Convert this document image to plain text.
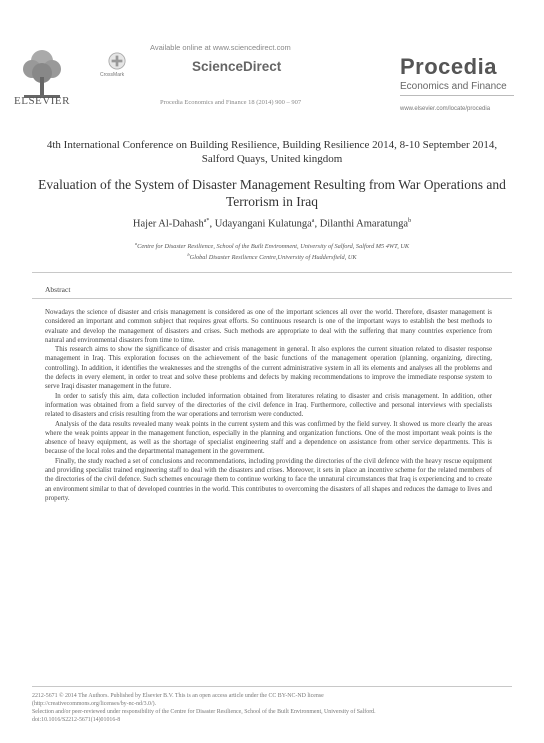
ELSEVIER
CrossMark
Available online at www.sciencedirect.com
ScienceDirect
Procedia Economics and Finance 18 (2014) 900 – 907
Procedia
Economics and Finance
www.elsevier.com/locate/procedia
4th International Conference on Building Resilience, Building Resilience 2014, 8-10 September 2014, Salford Quays, United kingdom
Evaluation of the System of Disaster Management Resulting from War Operations and Terrorism in Iraq
Hajer Al-Dahash$^{a*}$, Udayangani Kulatunga$^a$, Dilanthi Amaratunga$^b$
$^a$Centre for Disaster Resilience, School of the Built Environment, University of Salford, Salford M5 4WT, UK
$^b$Global Disaster Resilience Centre,University of Huddersfield, UK
Abstract

Nowadays the science of disaster and crisis management is considered as one of the important sciences all over the world. Therefore, disaster management is considered an important and common subject that requires great efforts. So continuous research is one of the important ways to establish the best methods to evaluate and develop the management of disasters and crises. Such methods are appropriate to deal with the suffering that many countries experience from natural and environmental disasters from time to time.

This research aims to show the significance of disaster and crisis management in general. It also explores the current situation related to disaster response management in Iraq. This exploration focuses on the achievement of the basic functions of the management operation (planning, organizing, directing, controlling). In addition, it identifies the weaknesses and the strengths of the current administrative system in all its elements and analyses all the problems and the defects in every element, in order to treat and solve these problems and defects by making recommendations to improve the immediate response system to serve Iraqi disaster management in the future.

In order to satisfy this aim, data collection included information obtained from literatures relating to disaster and crisis management. In addition, other information was obtained from a field survey of the directories of the civil defence in Iraq. Furthermore, collective and personal interviews with specialists related to disasters and crisis resulting from the war operations and terrorism were conducted.

Analysis of the data results revealed many weak points in the current system and this was confirmed by the field survey. It showed us more clearly the areas where the weak points appear in the management function, especially in the planning and organization functions. One of the most important weak points is the absence of heavy equipment, as well as the shortage of specialist engineering staff and a dependence on assistance from other service departments. This is because of the local roles and the departmental management in the government.

Finally, the study reached a set of conclusions and recommendations, including providing the directories of the civil defence with the heavy rescue equipment and providing specialist trained engineering staff to deal with the disasters and crises. Moreover, it sets in place an incentive scheme for the related members of the directories of the civil defence. Such schemes encourage them to continue working to face the unnatural circumstances that Iraq is experiencing and to create an environment similar to that of developed countries in the world. This contributes to overcoming the disasters of all shapes and reduces the damage to lives and property.

2212-5671 © 2014 The Authors. Published by Elsevier B.V. This is an open access article under the CC BY-NC-ND license
(http://creativecommons.org/licenses/by-nc-nd/3.0/).
Selection and/or peer-reviewed under responsibility of the Centre for Disaster Resilience, School of the Built Environment, University of Salford.
doi:10.1016/S2212-5671(14)01016-8
